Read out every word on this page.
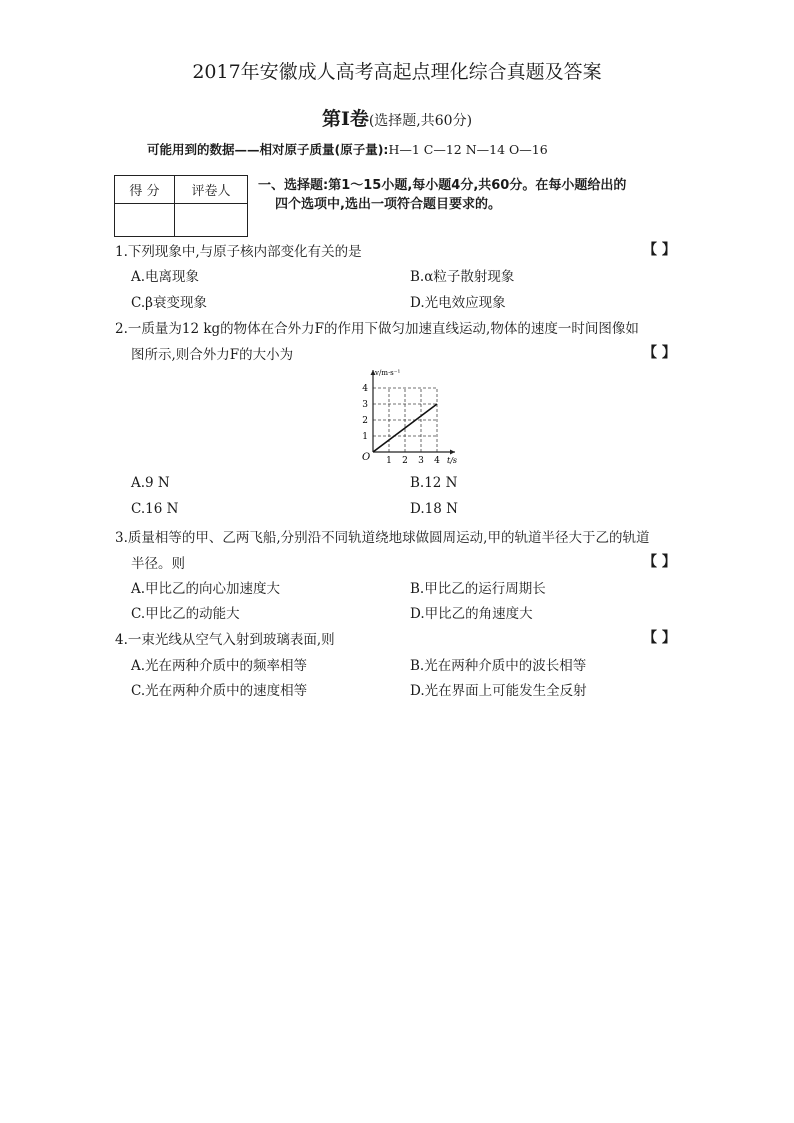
2017年安徽成人高考高起点理化综合真题及答案
第Ⅰ卷(选择题,共60分)
可能用到的数据——相对原子质量(原子量):H—1 C—12 N—14 O—16
得 分	评卷人
	一、选择题:第1～15小题,每小题4分,共60分。在每小题给出的
四个选项中,选出一项符合题目要求的。
1.下列现象中,与原子核内部变化有关的是	【 】
A.电离现象	B.α粒子散射现象
C.β衰变现象	D.光电效应现象
2.一质量为12 kg的物体在合外力F的作用下做匀加速直线运动,物体的速度一时间图像如
图所示,则合外力F的大小为	【 】
1 2 3 4
1
2
3
4
O
v/m·s⁻¹
t/s
A.9 N	B.12 N
C.16 N	D.18 N
3.质量相等的甲、乙两飞船,分别沿不同轨道绕地球做圆周运动,甲的轨道半径大于乙的轨道
半径。则	【 】
A.甲比乙的向心加速度大	B.甲比乙的运行周期长
C.甲比乙的动能大	D.甲比乙的角速度大
4.一束光线从空气入射到玻璃表面,则	【 】
A.光在两种介质中的频率相等	B.光在两种介质中的波长相等
C.光在两种介质中的速度相等	D.光在界面上可能发生全反射
